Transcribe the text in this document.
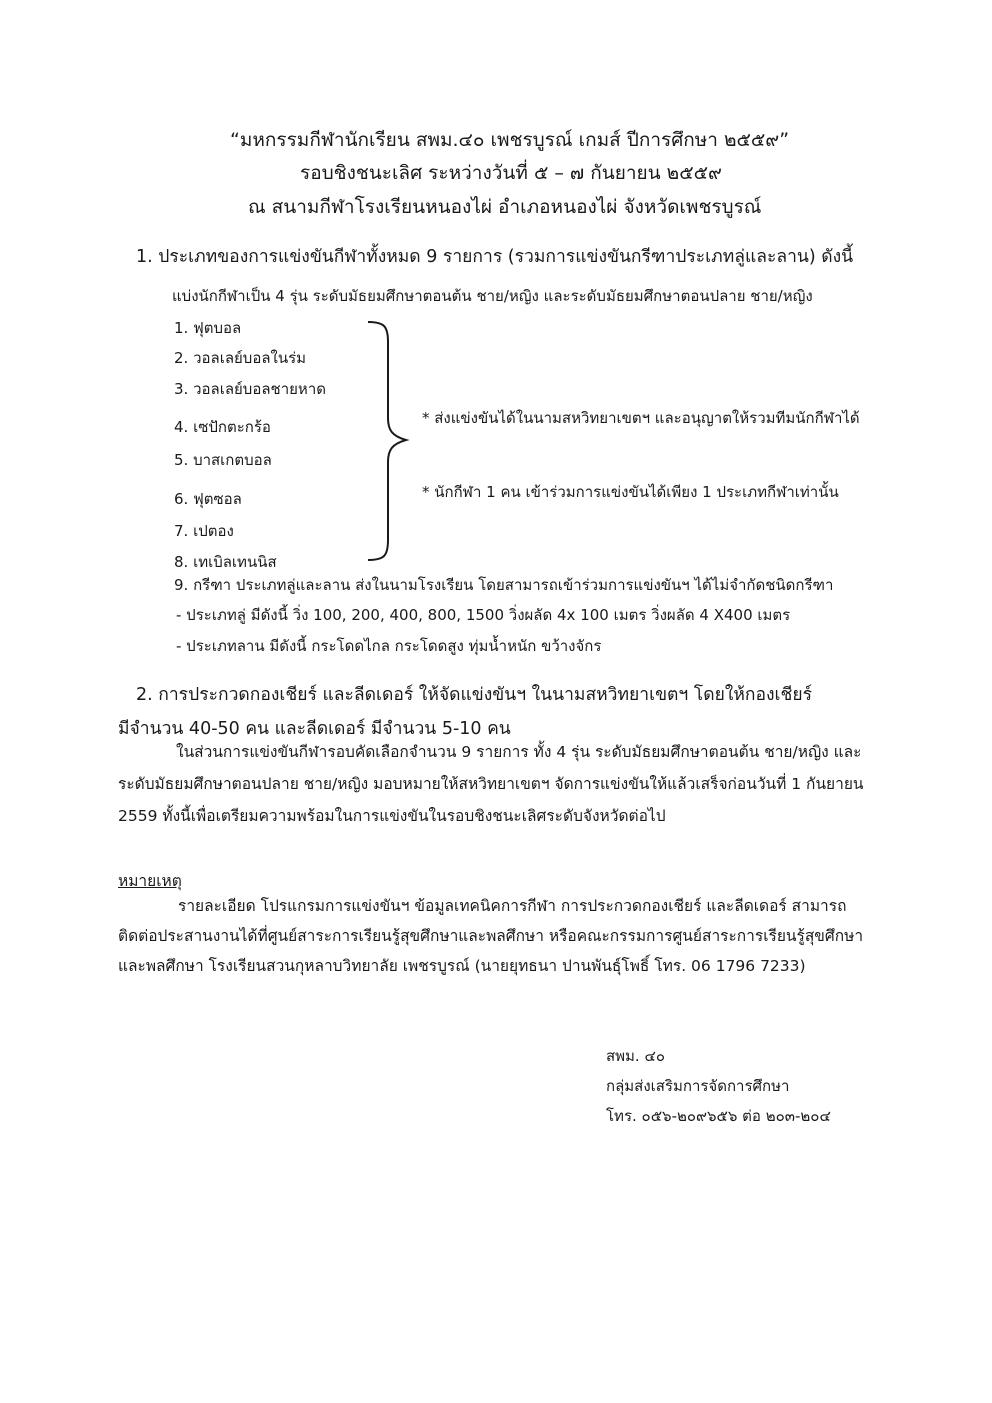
“มหกรรมกีฬานักเรียน สพม.๔๐ เพชรบูรณ์ เกมส์ ปีการศึกษา ๒๕๕๙”
รอบชิงชนะเลิศ ระหว่างวันที่ ๕ – ๗ กันยายน ๒๕๕๙
ณ สนามกีฬาโรงเรียนหนองไผ่ อำเภอหนองไผ่ จังหวัดเพชรบูรณ์
1. ประเภทของการแข่งขันกีฬาทั้งหมด 9 รายการ (รวมการแข่งขันกรีฑาประเภทลู่และลาน) ดังนี้
แบ่งนักกีฬาเป็น 4 รุ่น ระดับมัธยมศึกษาตอนต้น ชาย/หญิง และระดับมัธยมศึกษาตอนปลาย ชาย/หญิง
1. ฟุตบอล
2. วอลเลย์บอลในร่ม
3. วอลเลย์บอลชายหาด
4. เซปักตะกร้อ
5. บาสเกตบอล
6. ฟุตซอล
7. เปตอง
8. เทเบิลเทนนิส
* ส่งแข่งขันได้ในนามสหวิทยาเขตฯ และอนุญาตให้รวมทีมนักกีฬาได้
* นักกีฬา 1 คน เข้าร่วมการแข่งขันได้เพียง 1 ประเภทกีฬาเท่านั้น
9. กรีฑา ประเภทลู่และลาน ส่งในนามโรงเรียน โดยสามารถเข้าร่วมการแข่งขันฯ ได้ไม่จำกัดชนิดกรีฑา
- ประเภทลู่ มีดังนี้ วิ่ง 100, 200, 400, 800, 1500 วิ่งผลัด 4x 100 เมตร วิ่งผลัด 4 X400 เมตร
- ประเภทลาน มีดังนี้ กระโดดไกล กระโดดสูง ทุ่มน้ำหนัก ขว้างจักร
2. การประกวดกองเชียร์ และลีดเดอร์ ให้จัดแข่งขันฯ ในนามสหวิทยาเขตฯ โดยให้กองเชียร์
มีจำนวน 40-50 คน และลีดเดอร์ มีจำนวน 5-10 คน
ในส่วนการแข่งขันกีฬารอบคัดเลือกจำนวน 9 รายการ ทั้ง 4 รุ่น ระดับมัธยมศึกษาตอนต้น ชาย/หญิง และ
ระดับมัธยมศึกษาตอนปลาย ชาย/หญิง มอบหมายให้สหวิทยาเขตฯ จัดการแข่งขันให้แล้วเสร็จก่อนวันที่ 1 กันยายน
2559 ทั้งนี้เพื่อเตรียมความพร้อมในการแข่งขันในรอบชิงชนะเลิศระดับจังหวัดต่อไป
หมายเหตุ
รายละเอียด โปรแกรมการแข่งขันฯ ข้อมูลเทคนิคการกีฬา การประกวดกองเชียร์ และลีดเดอร์ สามารถ
ติดต่อประสานงานได้ที่ศูนย์สาระการเรียนรู้สุขศึกษาและพลศึกษา หรือคณะกรรมการศูนย์สาระการเรียนรู้สุขศึกษา
และพลศึกษา โรงเรียนสวนกุหลาบวิทยาลัย เพชรบูรณ์ (นายยุทธนา ปานพันธุ์โพธิ์ โทร. 06 1796 7233)
สพม. ๔๐
กลุ่มส่งเสริมการจัดการศึกษา
โทร. ๐๕๖-๒๐๙๖๕๖ ต่อ ๒๐๓-๒๐๔
